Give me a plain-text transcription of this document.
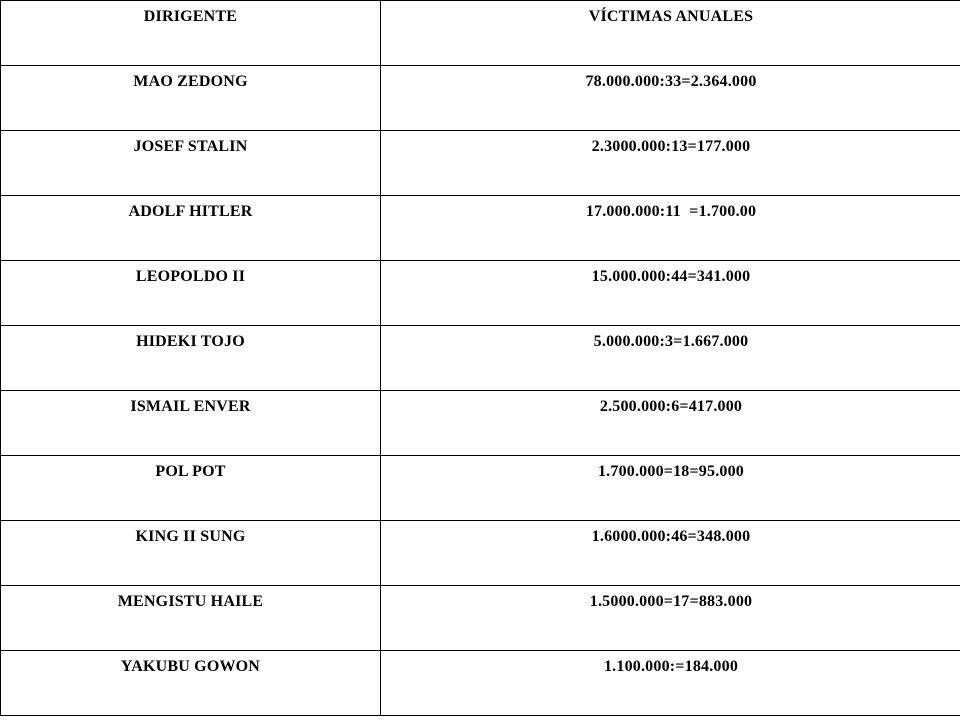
DIRIGENTE	VÍCTIMAS ANUALES

MAO ZEDONG	78.000.000:33=2.364.000

JOSEF STALIN	2.3000.000:13=177.000

ADOLF HITLER	17.000.000:11  =1.700.00

LEOPOLDO II	15.000.000:44=341.000

HIDEKI TOJO	5.000.000:3=1.667.000

ISMAIL ENVER	2.500.000:6=417.000

POL POT	1.700.000=18=95.000

KING II SUNG	1.6000.000:46=348.000

MENGISTU HAILE	1.5000.000=17=883.000

YAKUBU GOWON	1.100.000:=184.000
